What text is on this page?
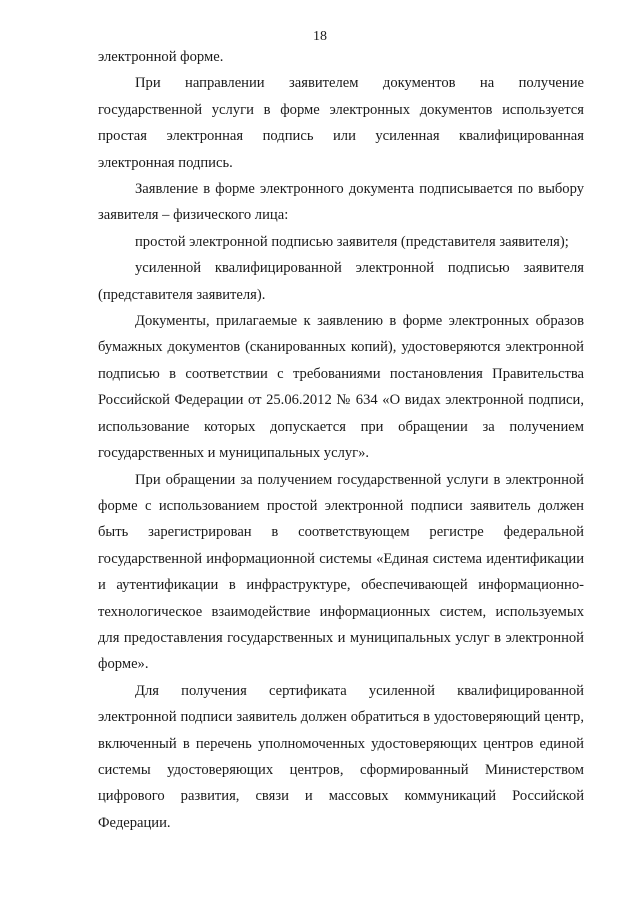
18

электронной форме.

При направлении заявителем документов на получение государственной услуги в форме электронных документов используется простая электронная подпись или усиленная квалифицированная электронная подпись.

Заявление в форме электронного документа подписывается по выбору заявителя – физического лица:

простой электронной подписью заявителя (представителя заявителя);

усиленной квалифицированной электронной подписью заявителя (представителя заявителя).

Документы, прилагаемые к заявлению в форме электронных образов бумажных документов (сканированных копий), удостоверяются электронной подписью в соответствии с требованиями постановления Правительства Российской Федерации от 25.06.2012 № 634 «О видах электронной подписи, использование которых допускается при обращении за получением государственных и муниципальных услуг».

При обращении за получением государственной услуги в электронной форме с использованием простой электронной подписи заявитель должен быть зарегистрирован в соответствующем регистре федеральной государственной информационной системы «Единая система идентификации и аутентификации в инфраструктуре, обеспечивающей информационно-технологическое взаимодействие информационных систем, используемых для предоставления государственных и муниципальных услуг в электронной форме».

Для получения сертификата усиленной квалифицированной электронной подписи заявитель должен обратиться в удостоверяющий центр, включенный в перечень уполномоченных удостоверяющих центров единой системы удостоверяющих центров, сформированный Министерством цифрового развития, связи и массовых коммуникаций Российской Федерации.
